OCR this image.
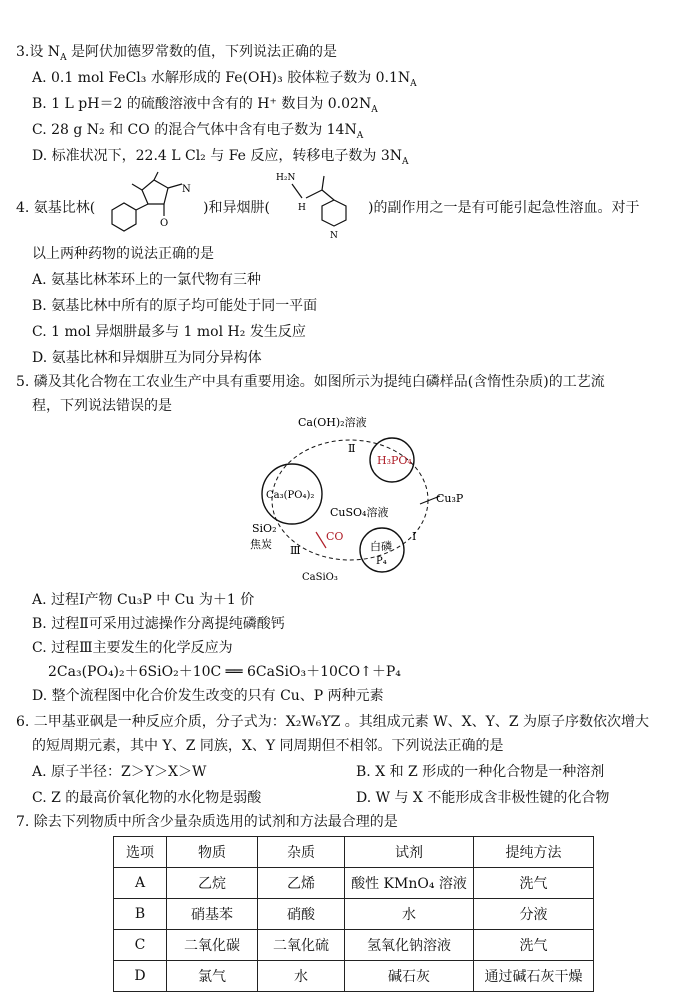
3.设 $N_A$ 是阿伏加德罗常数的值，下列说法正确的是
A. 0.1 mol FeCl₃ 水解形成的 Fe(OH)₃ 胶体粒子数为 $0.1N_A$
B. 1 L pH＝2 的硫酸溶液中含有的 H⁺ 数目为 $0.02N_A$
C. 28 g N₂ 和 CO 的混合气体中含有电子数为 $14N_A$
D. 标准状况下，22.4 L Cl₂ 与 Fe 反应，转移电子数为 $3N_A$
4. 氨基比林(
O
N
)和异烟肼(
H₂N
H
N
)的副作用之一是有可能引起急性溶血。对于
以上两种药物的说法正确的是
A. 氨基比林苯环上的一氯代物有三种
B. 氨基比林中所有的原子均可能处于同一平面
C. 1 mol 异烟肼最多与 1 mol H₂ 发生反应
D. 氨基比林和异烟肼互为同分异构体
5. 磷及其化合物在工农业生产中具有重要用途。如图所示为提纯白磷样品(含惰性杂质)的工艺流
程，下列说法错误的是
Ca(OH)₂溶液
Ⅱ
H₃PO₄
Ca₃(PO₄)₂
CuSO₄溶液
Cu₃P
Ⅰ
SiO₂
焦炭 Ⅲ
CO
白磷
P₄
CaSiO₃
A. 过程Ⅰ产物 Cu₃P 中 Cu 为＋1 价
B. 过程Ⅱ可采用过滤操作分离提纯磷酸钙
C. 过程Ⅲ主要发生的化学反应为
2Ca₃(PO₄)₂＋6SiO₂＋10C ══ 6CaSiO₃＋10CO↑＋P₄
D. 整个流程图中化合价发生改变的只有 Cu、P 两种元素
6. 二甲基亚砜是一种反应介质，分子式为：X₂W₆YZ 。其组成元素 W、X、Y、Z 为原子序数依次增大
的短周期元素，其中 Y、Z 同族，X、Y 同周期但不相邻。下列说法正确的是
A. 原子半径：Z＞Y＞X＞W	B. X 和 Z 形成的一种化合物是一种溶剂
C. Z 的最高价氧化物的水化物是弱酸	D. W 与 X 不能形成含非极性键的化合物
7. 除去下列物质中所含少量杂质选用的试剂和方法最合理的是
选项	物质	杂质	试剂	提纯方法
A	乙烷	乙烯	酸性 KMnO₄ 溶液	洗气
B	硝基苯	硝酸	水	分液
C	二氧化碳	二氧化硫	氢氧化钠溶液	洗气
D	氯气	水	碱石灰	通过碱石灰干燥
